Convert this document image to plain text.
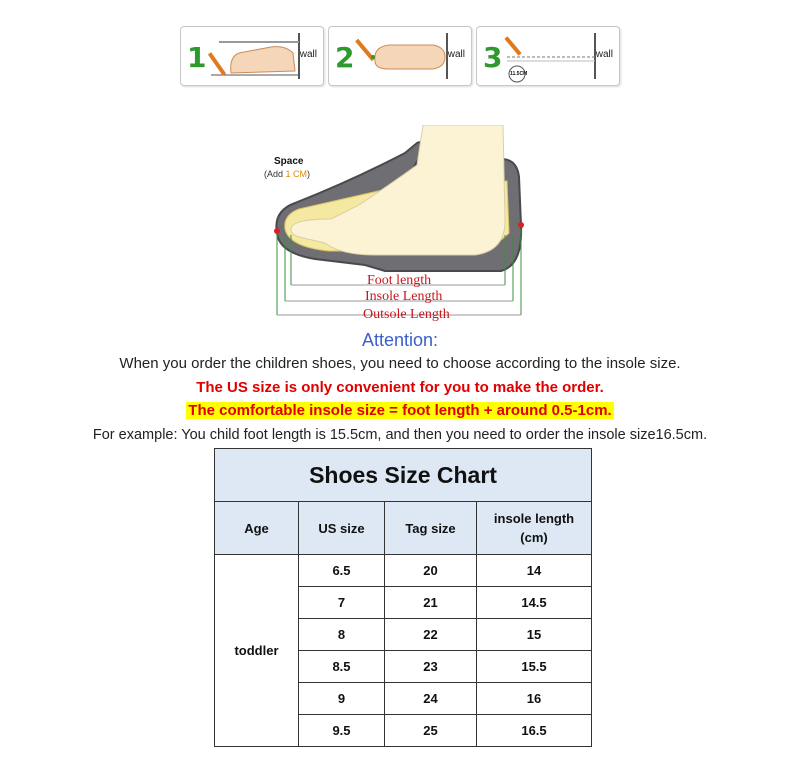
1	wall 2	wall 3 11.5CM
wall
Space
(Add 1 CM)
Foot length
Insole Length
Outsole Length
Attention:
When you order the children shoes, you need to choose according to the insole size.
The US size is only convenient for you to make the order.
The comfortable insole size = foot length + around 0.5-1cm.
For example: You child foot length is 15.5cm, and then you need to order the insole size16.5cm.
Shoes Size Chart			
Age	US size	Tag size	insole length
(cm)

toddler	6.5	20	14
	7	21	14.5
	8	22	15
	8.5	23	15.5
	9	24	16
	9.5	25	16.5
